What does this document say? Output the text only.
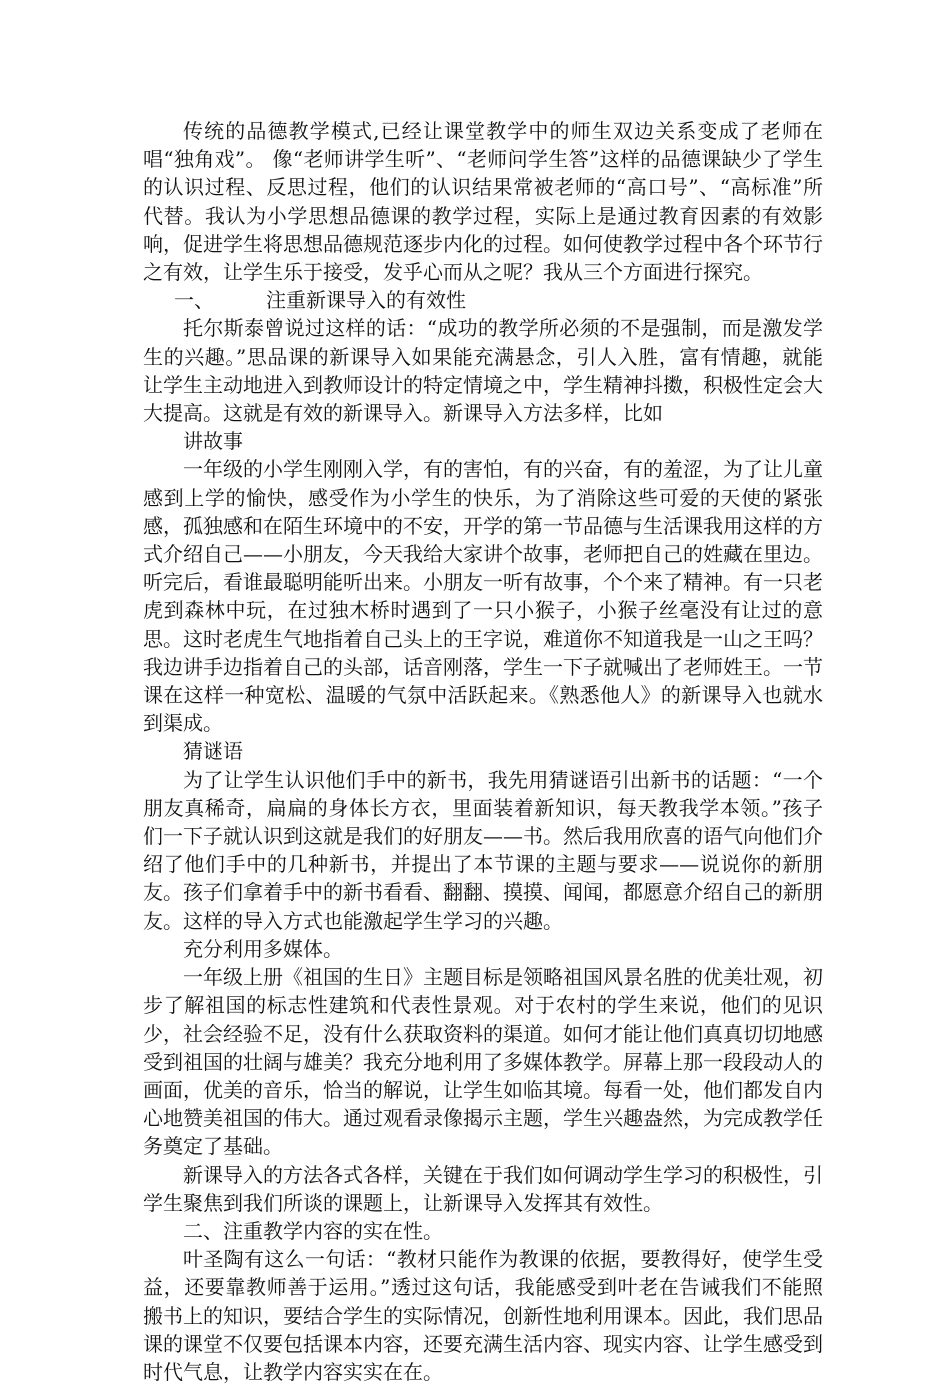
传统的品德教学模式,已经让课堂教学中的师生双边关系变成了老师在唱“独角戏”。 像“老师讲学生听”、“老师问学生答”这样的品德课缺少了学生的认识过程、反思过程，他们的认识结果常被老师的“高口号”、“高标准”所代替。我认为小学思想品德课的教学过程，实际上是通过教育因素的有效影响，促进学生将思想品德规范逐步内化的过程。如何使教学过程中各个环节行之有效，让学生乐于接受，发乎心而从之呢？我从三个方面进行探究。

一、	注重新课导入的有效性

托尔斯泰曾说过这样的话：“成功的教学所必须的不是强制，而是激发学生的兴趣。”思品课的新课导入如果能充满悬念，引人入胜，富有情趣，就能让学生主动地进入到教师设计的特定情境之中，学生精神抖擞，积极性定会大大提高。这就是有效的新课导入。新课导入方法多样，比如

讲故事

一年级的小学生刚刚入学，有的害怕，有的兴奋，有的羞涩，为了让儿童感到上学的愉快，感受作为小学生的快乐，为了消除这些可爱的天使的紧张感，孤独感和在陌生环境中的不安，开学的第一节品德与生活课我用这样的方式介绍自己——小朋友，今天我给大家讲个故事，老师把自己的姓藏在里边。听完后，看谁最聪明能听出来。小朋友一听有故事，个个来了精神。有一只老虎到森林中玩，在过独木桥时遇到了一只小猴子，小猴子丝毫没有让过的意思。这时老虎生气地指着自己头上的王字说，难道你不知道我是一山之王吗？我边讲手边指着自己的头部，话音刚落，学生一下子就喊出了老师姓王。一节课在这样一种宽松、温暖的气氛中活跃起来。《熟悉他人》的新课导入也就水到渠成。

猜谜语

为了让学生认识他们手中的新书，我先用猜谜语引出新书的话题：“一个朋友真稀奇，扁扁的身体长方衣，里面装着新知识，每天教我学本领。”孩子们一下子就认识到这就是我们的好朋友——书。然后我用欣喜的语气向他们介绍了他们手中的几种新书，并提出了本节课的主题与要求——说说你的新朋友。孩子们拿着手中的新书看看、翻翻、摸摸、闻闻，都愿意介绍自己的新朋友。这样的导入方式也能激起学生学习的兴趣。

充分利用多媒体。

一年级上册《祖国的生日》主题目标是领略祖国风景名胜的优美壮观，初步了解祖国的标志性建筑和代表性景观。对于农村的学生来说，他们的见识少，社会经验不足，没有什么获取资料的渠道。如何才能让他们真真切切地感受到祖国的壮阔与雄美？我充分地利用了多媒体教学。屏幕上那一段段动人的画面，优美的音乐，恰当的解说，让学生如临其境。每看一处，他们都发自内心地赞美祖国的伟大。通过观看录像揭示主题，学生兴趣盎然，为完成教学任务奠定了基础。

新课导入的方法各式各样，关键在于我们如何调动学生学习的积极性，引学生聚焦到我们所谈的课题上，让新课导入发挥其有效性。

二、注重教学内容的实在性。

叶圣陶有这么一句话：“教材只能作为教课的依据，要教得好，使学生受益，还要靠教师善于运用。”透过这句话，我能感受到叶老在告诫我们不能照搬书上的知识，要结合学生的实际情况，创新性地利用课本。因此，我们思品课的课堂不仅要包括课本内容，还要充满生活内容、现实内容、让学生感受到时代气息，让教学内容实实在在。
